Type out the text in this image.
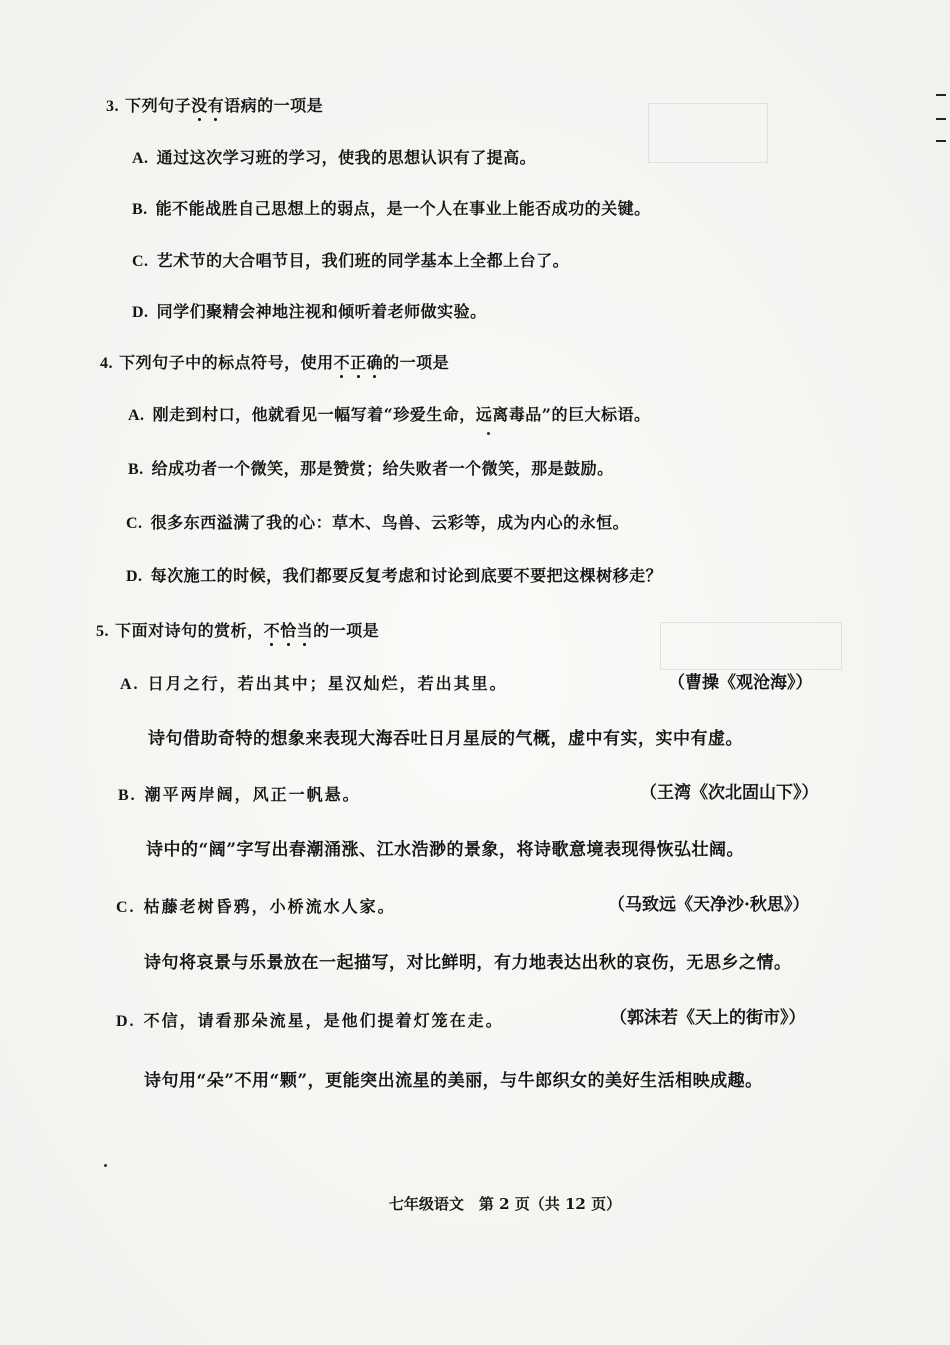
3. 下列句子没有语病的一项是
A. 通过这次学习班的学习，使我的思想认识有了提高。
B. 能不能战胜自己思想上的弱点，是一个人在事业上能否成功的关键。
C. 艺术节的大合唱节目，我们班的同学基本上全都上台了。
D. 同学们聚精会神地注视和倾听着老师做实验。
4. 下列句子中的标点符号，使用不正确的一项是
A. 刚走到村口，他就看见一幅写着“珍爱生命，远离毒品”的巨大标语。
B. 给成功者一个微笑，那是赞赏；给失败者一个微笑，那是鼓励。
C. 很多东西溢满了我的心：草木、鸟兽、云彩等，成为内心的永恒。
D. 每次施工的时候，我们都要反复考虑和讨论到底要不要把这棵树移走？
5. 下面对诗句的赏析，不恰当的一项是
A. 日月之行，若出其中；星汉灿烂，若出其里。	（曹操《观沧海》）
诗句借助奇特的想象来表现大海吞吐日月星辰的气概，虚中有实，实中有虚。
B. 潮平两岸阔，风正一帆悬。	（王湾《次北固山下》）
诗中的“阔”字写出春潮涌涨、江水浩渺的景象，将诗歌意境表现得恢弘壮阔。
C. 枯藤老树昏鸦，小桥流水人家。	（马致远《天净沙·秋思》）
诗句将哀景与乐景放在一起描写，对比鲜明，有力地表达出秋的哀伤，无思乡之情。
D. 不信，请看那朵流星，是他们提着灯笼在走。	（郭沫若《天上的街市》）
诗句用“朵”不用“颗”，更能突出流星的美丽，与牛郎织女的美好生活相映成趣。
七年级语文　第 2 页（共 12 页）
